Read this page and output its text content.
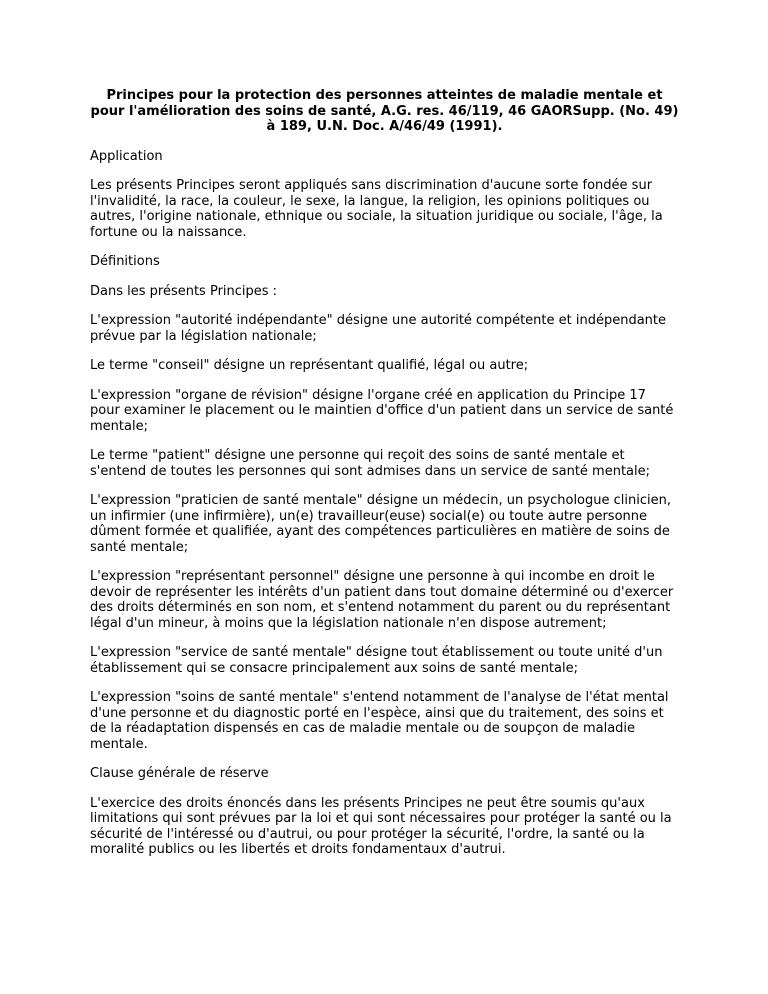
Principes pour la protection des personnes atteintes de maladie mentale et pour l'amélioration des soins de santé, A.G. res. 46/119, 46 GAORSupp. (No. 49) à 189, U.N. Doc. A/46/49 (1991).

Application

Les présents Principes seront appliqués sans discrimination d'aucune sorte fondée sur l'invalidité, la race, la couleur, le sexe, la langue, la religion, les opinions politiques ou autres, l'origine nationale, ethnique ou sociale, la situation juridique ou sociale, l'âge, la fortune ou la naissance.

Définitions

Dans les présents Principes :

L'expression "autorité indépendante" désigne une autorité compétente et indépendante prévue par la législation nationale;

Le terme "conseil" désigne un représentant qualifié, légal ou autre;

L'expression "organe de révision" désigne l'organe créé en application du Principe 17 pour examiner le placement ou le maintien d'office d'un patient dans un service de santé mentale;

Le terme "patient" désigne une personne qui reçoit des soins de santé mentale et s'entend de toutes les personnes qui sont admises dans un service de santé mentale;

L'expression "praticien de santé mentale" désigne un médecin, un psychologue clinicien, un infirmier (une infirmière), un(e) travailleur(euse) social(e) ou toute autre personne dûment formée et qualifiée, ayant des compétences particulières en matière de soins de santé mentale;

L'expression "représentant personnel" désigne une personne à qui incombe en droit le devoir de représenter les intérêts d'un patient dans tout domaine déterminé ou d'exercer des droits déterminés en son nom, et s'entend notamment du parent ou du représentant légal d'un mineur, à moins que la législation nationale n'en dispose autrement;

L'expression "service de santé mentale" désigne tout établissement ou toute unité d'un établissement qui se consacre principalement aux soins de santé mentale;

L'expression "soins de santé mentale" s'entend notamment de l'analyse de l'état mental d'une personne et du diagnostic porté en l'espèce, ainsi que du traitement, des soins et de la réadaptation dispensés en cas de maladie mentale ou de soupçon de maladie mentale.

Clause générale de réserve

L'exercice des droits énoncés dans les présents Principes ne peut être soumis qu'aux limitations qui sont prévues par la loi et qui sont nécessaires pour protéger la santé ou la sécurité de l'intéressé ou d'autrui, ou pour protéger la sécurité, l'ordre, la santé ou la moralité publics ou les libertés et droits fondamentaux d'autrui.
